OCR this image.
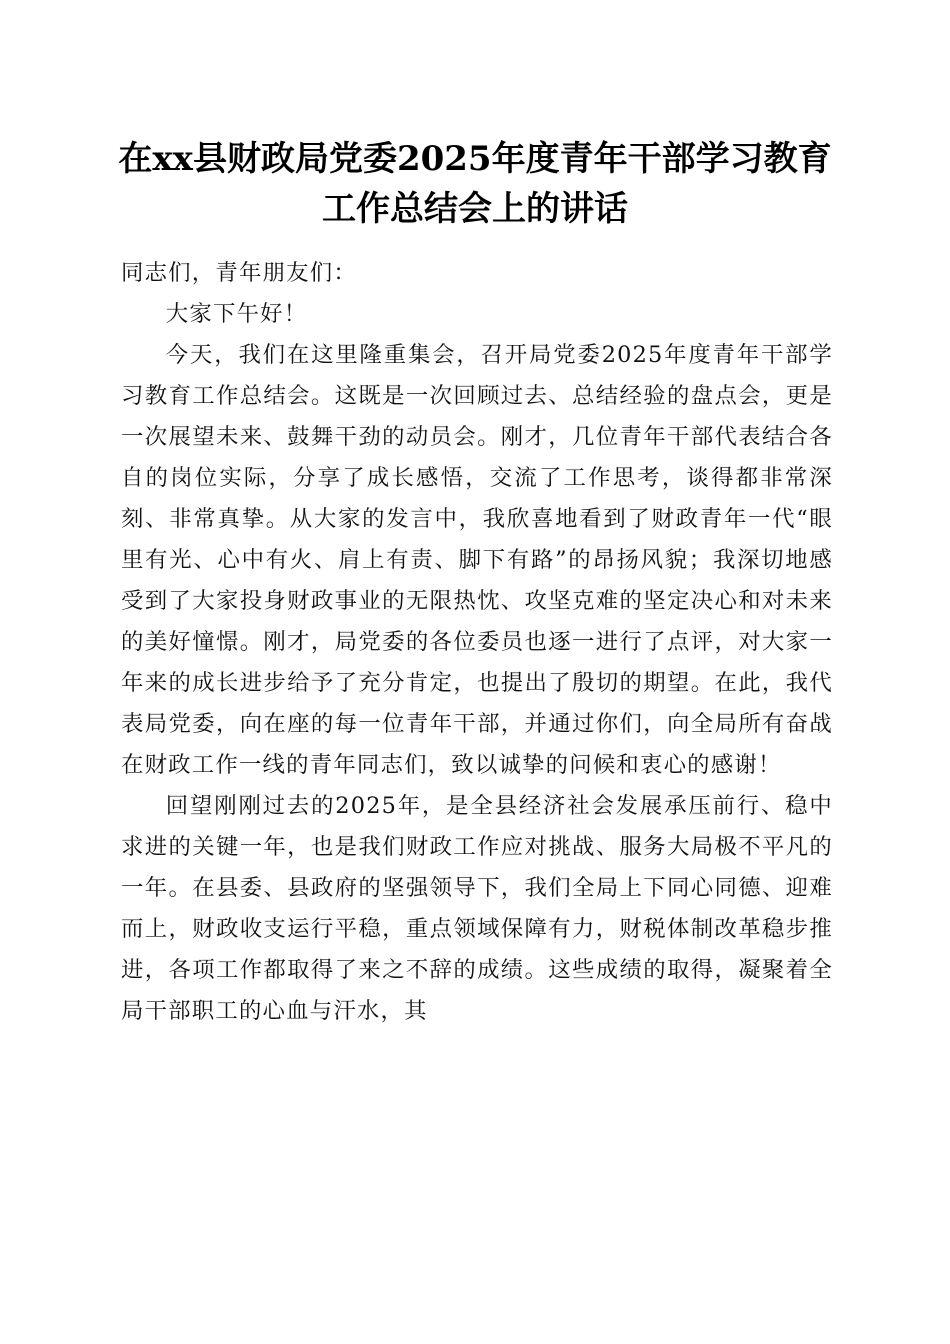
在xx县财政局党委2025年度青年干部学习教育工作总结会上的讲话

同志们，青年朋友们：

大家下午好！

今天，我们在这里隆重集会，召开局党委2025年度青年干部学习教育工作总结会。这既是一次回顾过去、总结经验的盘点会，更是一次展望未来、鼓舞干劲的动员会。刚才，几位青年干部代表结合各自的岗位实际，分享了成长感悟，交流了工作思考，谈得都非常深刻、非常真挚。从大家的发言中，我欣喜地看到了财政青年一代“眼里有光、心中有火、肩上有责、脚下有路”的昂扬风貌；我深切地感受到了大家投身财政事业的无限热忱、攻坚克难的坚定决心和对未来的美好憧憬。刚才，局党委的各位委员也逐一进行了点评，对大家一年来的成长进步给予了充分肯定，也提出了殷切的期望。在此，我代表局党委，向在座的每一位青年干部，并通过你们，向全局所有奋战在财政工作一线的青年同志们，致以诚挚的问候和衷心的感谢！

回望刚刚过去的2025年，是全县经济社会发展承压前行、稳中求进的关键一年，也是我们财政工作应对挑战、服务大局极不平凡的一年。在县委、县政府的坚强领导下，我们全局上下同心同德、迎难而上，财政收支运行平稳，重点领域保障有力，财税体制改革稳步推进，各项工作都取得了来之不辞的成绩。这些成绩的取得，凝聚着全局干部职工的心血与汗水，其
